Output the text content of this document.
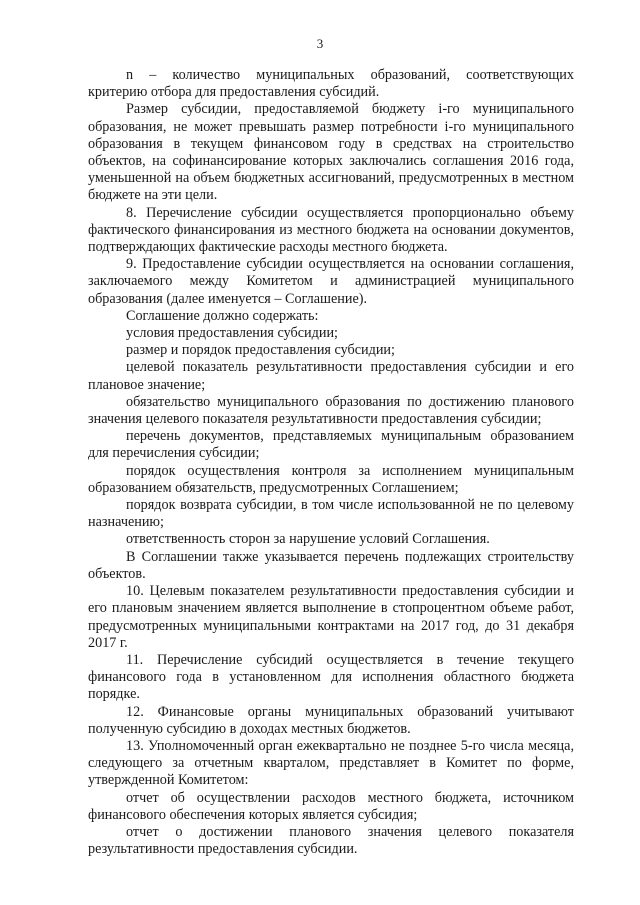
3

n – количество муниципальных образований, соответствующих критерию отбора для предоставления субсидий.

Размер субсидии, предоставляемой бюджету i-го муниципального образования, не может превышать размер потребности i-го муниципального образования в текущем финансовом году в средствах на строительство объектов, на софинансирование которых заключались соглашения 2016 года, уменьшенной на объем бюджетных ассигнований, предусмотренных в местном бюджете на эти цели.

8. Перечисление субсидии осуществляется пропорционально объему фактического финансирования из местного бюджета на основании документов, подтверждающих фактические расходы местного бюджета.

9. Предоставление субсидии осуществляется на основании соглашения, заключаемого между Комитетом и администрацией муниципального образования (далее именуется – Соглашение).

Соглашение должно содержать:

условия предоставления субсидии;

размер и порядок предоставления субсидии;

целевой показатель результативности предоставления субсидии и его плановое значение;

обязательство муниципального образования по достижению планового значения целевого показателя результативности предоставления субсидии;

перечень документов, представляемых муниципальным образованием для перечисления субсидии;

порядок осуществления контроля за исполнением муниципальным образованием обязательств, предусмотренных Соглашением;

порядок возврата субсидии, в том числе использованной не по целевому назначению;

ответственность сторон за нарушение условий Соглашения.

В Соглашении также указывается перечень подлежащих строительству объектов.

10. Целевым показателем результативности предоставления субсидии и его плановым значением является выполнение в стопроцентном объеме работ, предусмотренных муниципальными контрактами на 2017 год, до 31 декабря 2017 г.

11. Перечисление субсидий осуществляется в течение текущего финансового года в установленном для исполнения областного бюджета порядке.

12. Финансовые органы муниципальных образований учитывают полученную субсидию в доходах местных бюджетов.

13. Уполномоченный орган ежеквартально не позднее 5-го числа месяца, следующего за отчетным кварталом, представляет в Комитет по форме, утвержденной Комитетом:

отчет об осуществлении расходов местного бюджета, источником финансового обеспечения которых является субсидия;

отчет о достижении планового значения целевого показателя результативности предоставления субсидии.
